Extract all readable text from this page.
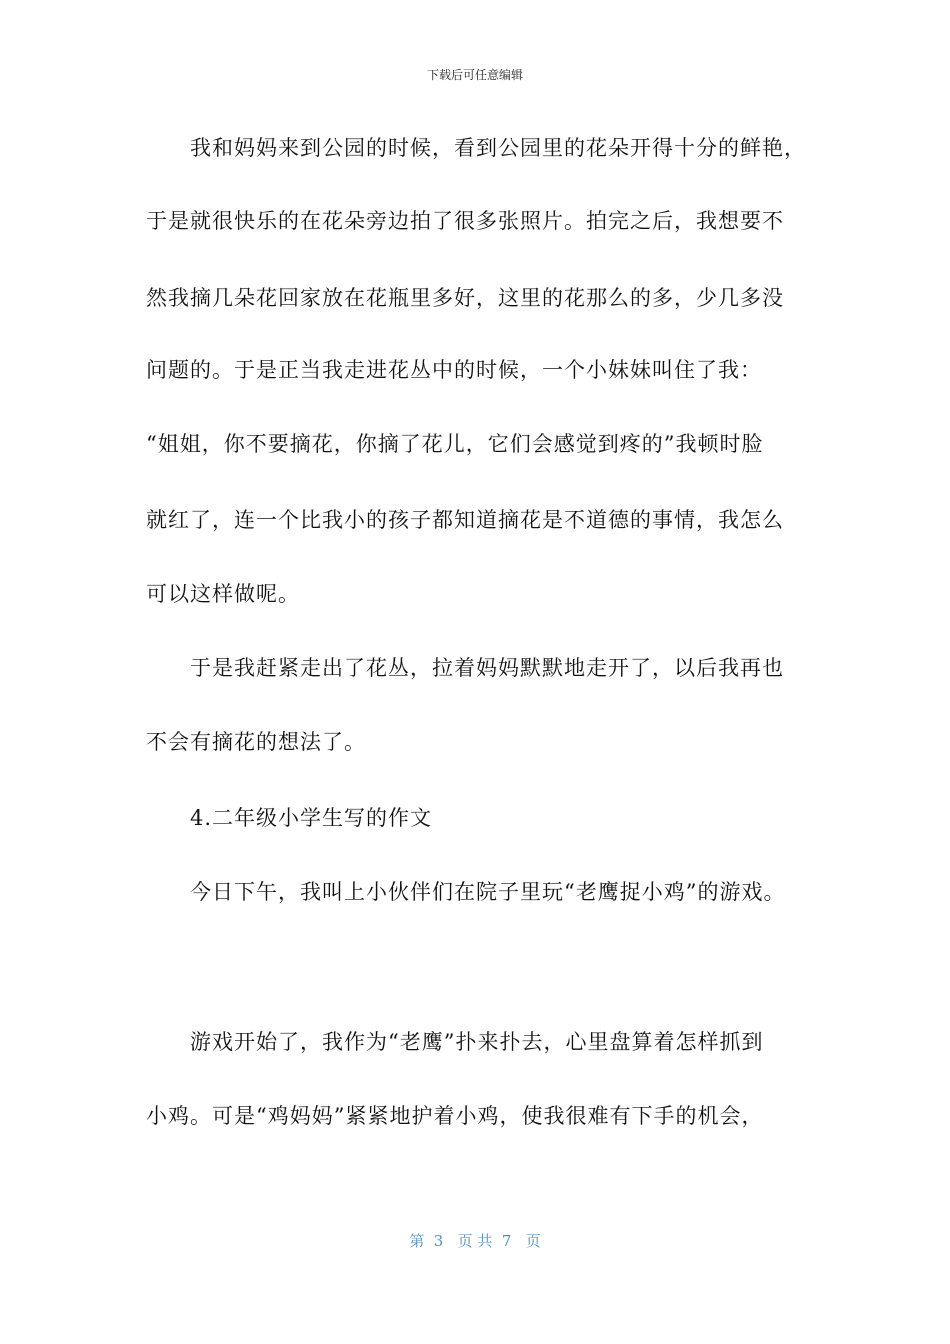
下载后可任意编辑
我和妈妈来到公园的时候，看到公园里的花朵开得十分的鲜艳，
于是就很快乐的在花朵旁边拍了很多张照片。拍完之后，我想要不
然我摘几朵花回家放在花瓶里多好，这里的花那么的多，少几多没
问题的。于是正当我走进花丛中的时候，一个小妹妹叫住了我：
“姐姐，你不要摘花，你摘了花儿，它们会感觉到疼的”我顿时脸
就红了，连一个比我小的孩子都知道摘花是不道德的事情，我怎么
可以这样做呢。
于是我赶紧走出了花丛，拉着妈妈默默地走开了，以后我再也
不会有摘花的想法了。
4.二年级小学生写的作文
今日下午，我叫上小伙伴们在院子里玩“老鹰捉小鸡”的游戏。
游戏开始了，我作为“老鹰”扑来扑去，心里盘算着怎样抓到
小鸡。可是“鸡妈妈”紧紧地护着小鸡，使我很难有下手的机会，
第  3   页 共  7   页
